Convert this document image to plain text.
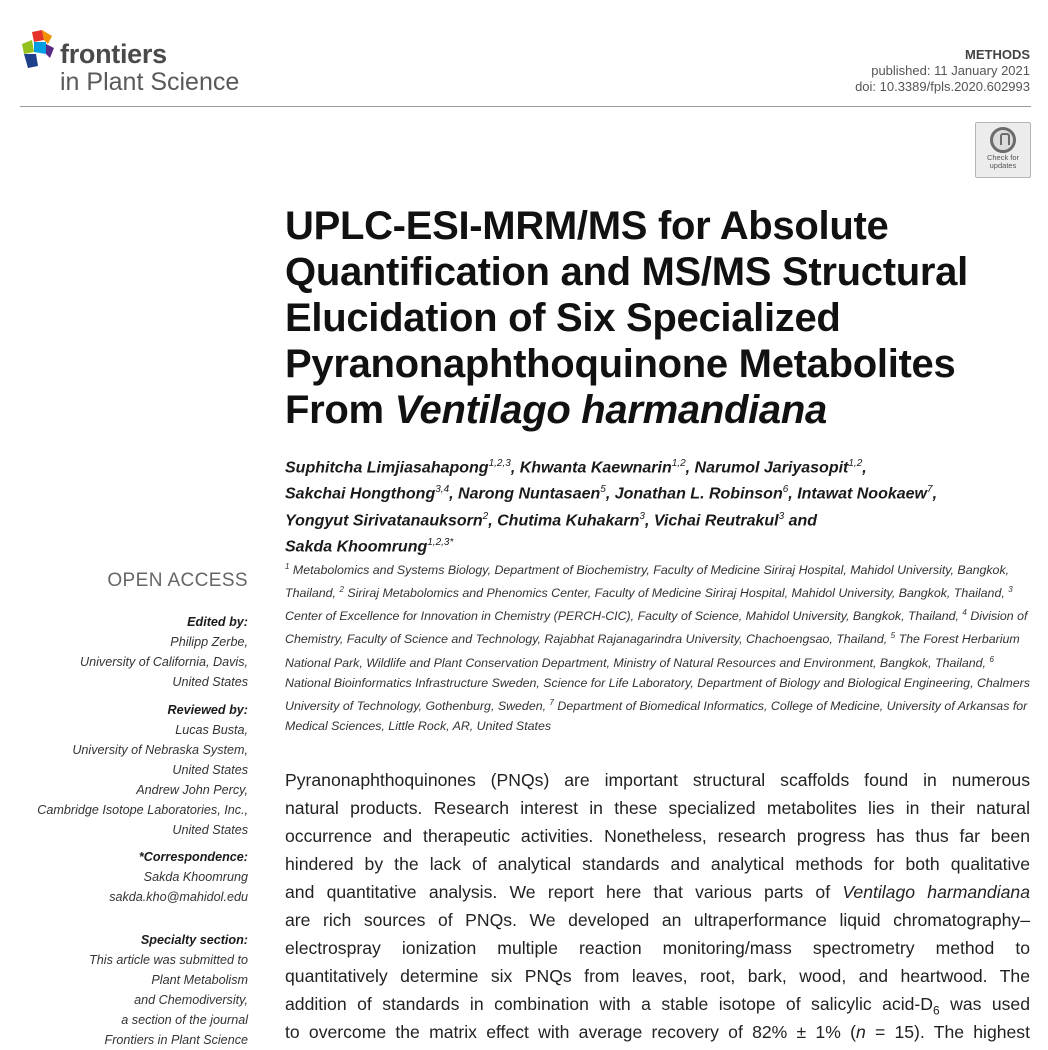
frontiers
in Plant Science
METHODS
published: 11 January 2021
doi: 10.3389/fpls.2020.602993
Check for
updates
UPLC-ESI-MRM/MS for Absolute
Quantification and MS/MS Structural
Elucidation of Six Specialized
Pyranonaphthoquinone Metabolites
From Ventilago harmandiana
Suphitcha Limjiasahapong$^{1,2,3}$, Khwanta Kaewnarin$^{1,2}$, Narumol Jariyasopit$^{1,2}$,
Sakchai Hongthong$^{3,4}$, Narong Nuntasaen$^5$, Jonathan L. Robinson$^6$, Intawat Nookaew$^7$,
Yongyut Sirivatanauksorn$^2$, Chutima Kuhakarn$^3$, Vichai Reutrakul$^3$ and
Sakda Khoomrung$^{1,2,3*}$
$^1$ Metabolomics and Systems Biology, Department of Biochemistry, Faculty of Medicine Siriraj Hospital, Mahidol University, Bangkok, Thailand, $^2$ Siriraj Metabolomics and Phenomics Center, Faculty of Medicine Siriraj Hospital, Mahidol University, Bangkok, Thailand, $^3$ Center of Excellence for Innovation in Chemistry (PERCH-CIC), Faculty of Science, Mahidol University, Bangkok, Thailand, $^4$ Division of Chemistry, Faculty of Science and Technology, Rajabhat Rajanagarindra University, Chachoengsao, Thailand, $^5$ The Forest Herbarium National Park, Wildlife and Plant Conservation Department, Ministry of Natural Resources and Environment, Bangkok, Thailand, $^6$ National Bioinformatics Infrastructure Sweden, Science for Life Laboratory, Department of Biology and Biological Engineering, Chalmers University of Technology, Gothenburg, Sweden, $^7$ Department of Biomedical Informatics, College of Medicine, University of Arkansas for Medical Sciences, Little Rock, AR, United States
OPEN ACCESS
Edited by:
Philipp Zerbe,
University of California, Davis,
United States
Reviewed by:
Lucas Busta,
University of Nebraska System,
United States
Andrew John Percy,
Cambridge Isotope Laboratories, Inc.,
United States
*Correspondence:
Sakda Khoomrung
sakda.kho@mahidol.edu
Specialty section:
This article was submitted to
Plant Metabolism
and Chemodiversity,
a section of the journal
Frontiers in Plant Science
Pyranonaphthoquinones (PNQs) are important structural scaffolds found in numerous
natural products. Research interest in these specialized metabolites lies in their natural
occurrence and therapeutic activities. Nonetheless, research progress has thus far been
hindered by the lack of analytical standards and analytical methods for both qualitative
and quantitative analysis. We report here that various parts of Ventilago harmandiana
are rich sources of PNQs. We developed an ultraperformance liquid chromatography–
electrospray ionization multiple reaction monitoring/mass spectrometry method to
quantitatively determine six PNQs from leaves, root, bark, wood, and heartwood. The
addition of standards in combination with a stable isotope of salicylic acid-$D_6$ was used
to overcome the matrix effect with average recovery of 82% ± 1% (n = 15). The highest
